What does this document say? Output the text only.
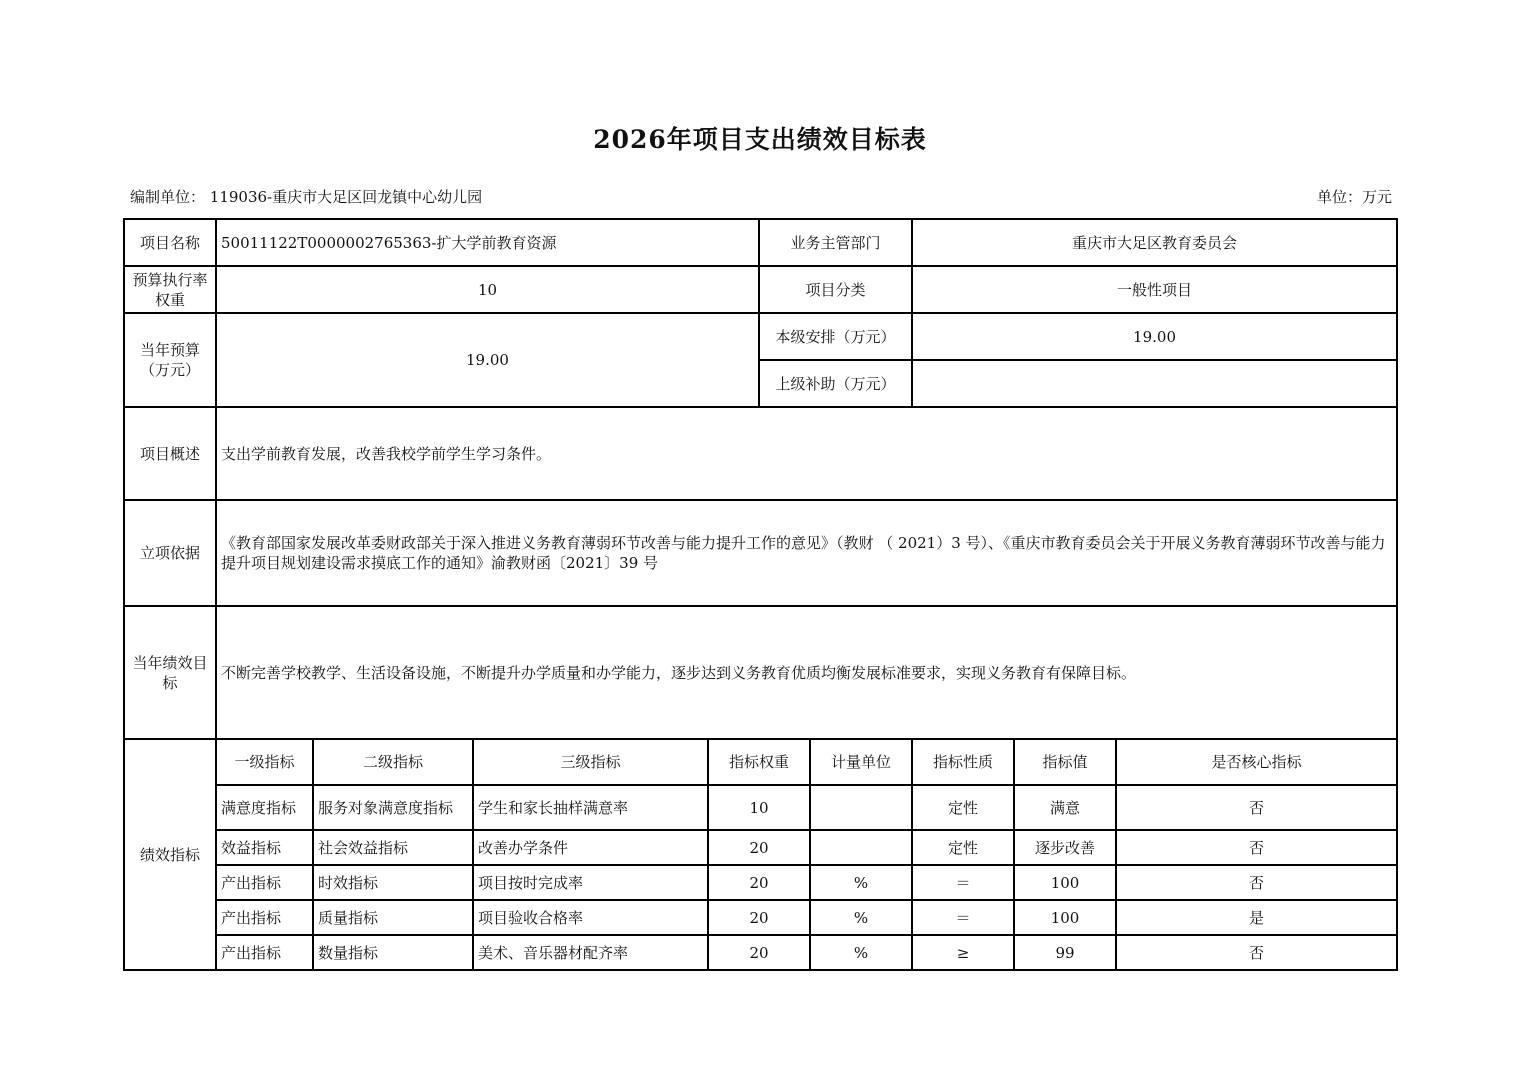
2026年项目支出绩效目标表
编制单位： 119036-重庆市大足区回龙镇中心幼儿园	单位：万元
项目名称	50011122T000000276​5363-扩大学前教育资源				业务主管部门		重庆市大足区教育委员会		
预算执行率权重	10				项目分类		一般性项目		
当年预算（万元）	19.00				本级安排（万元）		19.00		
					上级补助（万元）				
项目概述	支出学前教育发展，改善我校学前学生学习条件。								
立项依据	《教育部国家发展改革委财政部关于深入推进义务教育薄弱环节改善与能力提升工作的意见》（教财 （ 2021）3 号）、《重庆市教育委员会关于开展义务教育薄弱环节改善与能力提升项目规划建设需求摸底工作的通知》渝教财函〔2021〕39 号								
当年绩效目标	不断完善学校教学、生活设备设施，不断提升办学质量和办学能力，逐步达到义务教育优质均衡发展标准要求，实现义务教育有保障目标。								
绩效指标	一级指标	二级指标	三级指标	指标权重		计量单位	指标性质	指标值	是否核心指标
	满意度指标	服务对象满意度指标	学生和家长抽样满意率	10			定性	满意	否
	效益指标	社会效益指标	改善办学条件	20			定性	逐步改善	否
	产出指标	时效指标	项目按时完成率	20		%	＝	100	否
	产出指标	质量指标	项目验收合格率	20		%	＝	100	是
	产出指标	数量指标	美术、音乐器材配齐率	20		%	≥	99	否
